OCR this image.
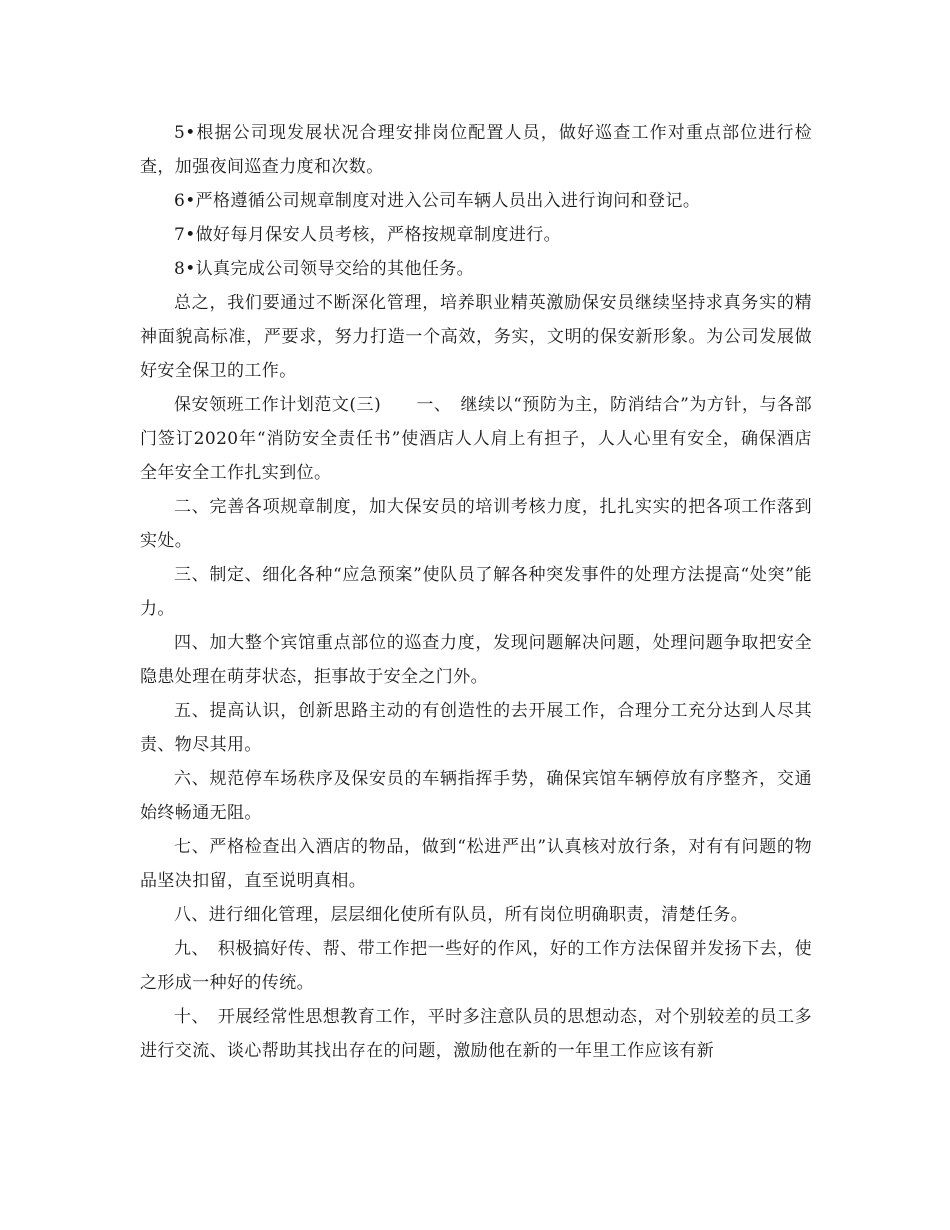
5•根据公司现发展状况合理安排岗位配置人员，做好巡查工作对重点部位进行检查，加强夜间巡查力度和次数。

6•严格遵循公司规章制度对进入公司车辆人员出入进行询问和登记。

7•做好每月保安人员考核，严格按规章制度进行。

8•认真完成公司领导交给的其他任务。

总之，我们要通过不断深化管理，培养职业精英激励保安员继续坚持求真务实的精神面貌高标准，严要求，努力打造一个高效，务实，文明的保安新形象。为公司发展做好安全保卫的工作。

保安领班工作计划范文(三)　　一、　继续以“预防为主，防消结合”为方针，与各部门签订2020年“消防安全责任书”使酒店人人肩上有担子，人人心里有安全，确保酒店全年安全工作扎实到位。

二、完善各项规章制度，加大保安员的培训考核力度，扎扎实实的把各项工作落到实处。

三、制定、细化各种“应急预案”使队员了解各种突发事件的处理方法提高“处突”能力。

四、加大整个宾馆重点部位的巡查力度，发现问题解决问题，处理问题争取把安全隐患处理在萌芽状态，拒事故于安全之门外。

五、提高认识，创新思路主动的有创造性的去开展工作，合理分工充分达到人尽其责、物尽其用。

六、规范停车场秩序及保安员的车辆指挥手势，确保宾馆车辆停放有序整齐，交通始终畅通无阻。

七、严格检查出入酒店的物品，做到“松进严出”认真核对放行条，对有有问题的物品坚决扣留，直至说明真相。

八、进行细化管理，层层细化使所有队员，所有岗位明确职责，清楚任务。

九、　积极搞好传、帮、带工作把一些好的作风，好的工作方法保留并发扬下去，使之形成一种好的传统。

十、　开展经常性思想教育工作，平时多注意队员的思想动态，对个别较差的员工多进行交流、谈心帮助其找出存在的问题，激励他在新的一年里工作应该有新
